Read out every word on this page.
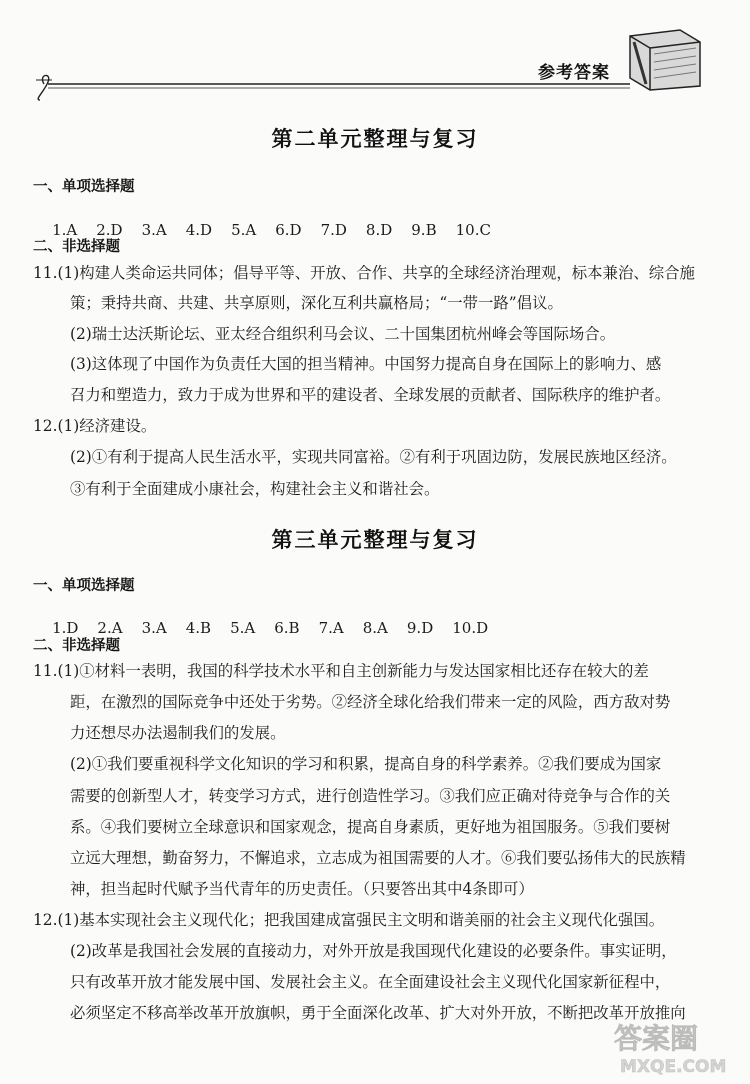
参考答案
第二单元整理与复习
一、单项选择题

1.A 2.D 3.A 4.D 5.A 6.D 7.D 8.D 9.B 10.C

二、非选择题
11.(1)构建人类命运共同体；倡导平等、开放、合作、共享的全球经济治理观，标本兼治、综合施
策；秉持共商、共建、共享原则，深化互利共赢格局；“一带一路”倡议。
(2)瑞士达沃斯论坛、亚太经合组织利马会议、二十国集团杭州峰会等国际场合。
(3)这体现了中国作为负责任大国的担当精神。中国努力提高自身在国际上的影响力、感
召力和塑造力，致力于成为世界和平的建设者、全球发展的贡献者、国际秩序的维护者。
12.(1)经济建设。
(2)①有利于提高人民生活水平，实现共同富裕。②有利于巩固边防，发展民族地区经济。
③有利于全面建成小康社会，构建社会主义和谐社会。
第三单元整理与复习
一、单项选择题

1.D 2.A 3.A 4.B 5.A 6.B 7.A 8.A 9.D 10.D

二、非选择题
11.(1)①材料一表明，我国的科学技术水平和自主创新能力与发达国家相比还存在较大的差
距，在激烈的国际竞争中还处于劣势。②经济全球化给我们带来一定的风险，西方敌对势
力还想尽办法遏制我们的发展。
(2)①我们要重视科学文化知识的学习和积累，提高自身的科学素养。②我们要成为国家
需要的创新型人才，转变学习方式，进行创造性学习。③我们应正确对待竞争与合作的关
系。④我们要树立全球意识和国家观念，提高自身素质，更好地为祖国服务。⑤我们要树
立远大理想，勤奋努力，不懈追求，立志成为祖国需要的人才。⑥我们要弘扬伟大的民族精
神，担当起时代赋予当代青年的历史责任。（只要答出其中4条即可）
12.(1)基本实现社会主义现代化；把我国建成富强民主文明和谐美丽的社会主义现代化强国。
(2)改革是我国社会发展的直接动力，对外开放是我国现代化建设的必要条件。事实证明，
只有改革开放才能发展中国、发展社会主义。在全面建设社会主义现代化国家新征程中，
必须坚定不移高举改革开放旗帜，勇于全面深化改革、扩大对外开放，不断把改革开放推向
答案圈
MXQE.COM
